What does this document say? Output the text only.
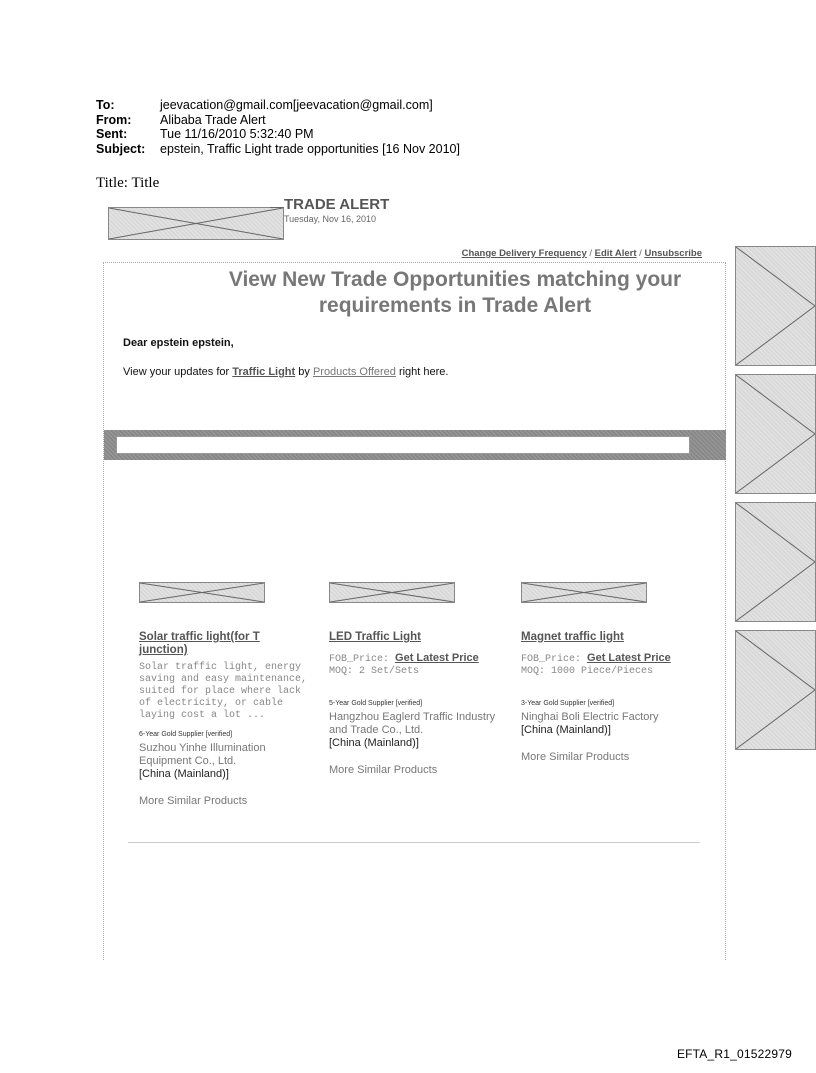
To:	jeevacation@gmail.com[jeevacation@gmail.com]
From:	Alibaba Trade Alert
Sent:	Tue 11/16/2010 5:32:40 PM
Subject:	epstein, Traffic Light trade opportunities [16 Nov 2010]
Title: Title
TRADE ALERT
Tuesday, Nov 16, 2010
Change Delivery Frequency / Edit Alert / Unsubscribe
View New Trade Opportunities matching your requirements in Trade Alert
Dear epstein epstein,
View your updates for Traffic Light by Products Offered right here.
Solar traffic light(for T junction)
Solar traffic light, energy saving and easy maintenance, suited for place where lack of electricity, or cable laying cost a lot ...
6-Year Gold Supplier [verified]
Suzhou Yinhe Illumination Equipment Co., Ltd.
[China (Mainland)]
More Similar Products
LED Traffic Light
FOB_Price: Get Latest Price
MOQ: 2 Set/Sets
5-Year Gold Supplier [verified]
Hangzhou Eaglerd Traffic Industry and Trade Co., Ltd.
[China (Mainland)]
More Similar Products
Magnet traffic light
FOB_Price: Get Latest Price
MOQ: 1000 Piece/Pieces
3-Year Gold Supplier [verified]
Ninghai Boli Electric Factory
[China (Mainland)]
More Similar Products
EFTA_R1_01522979
